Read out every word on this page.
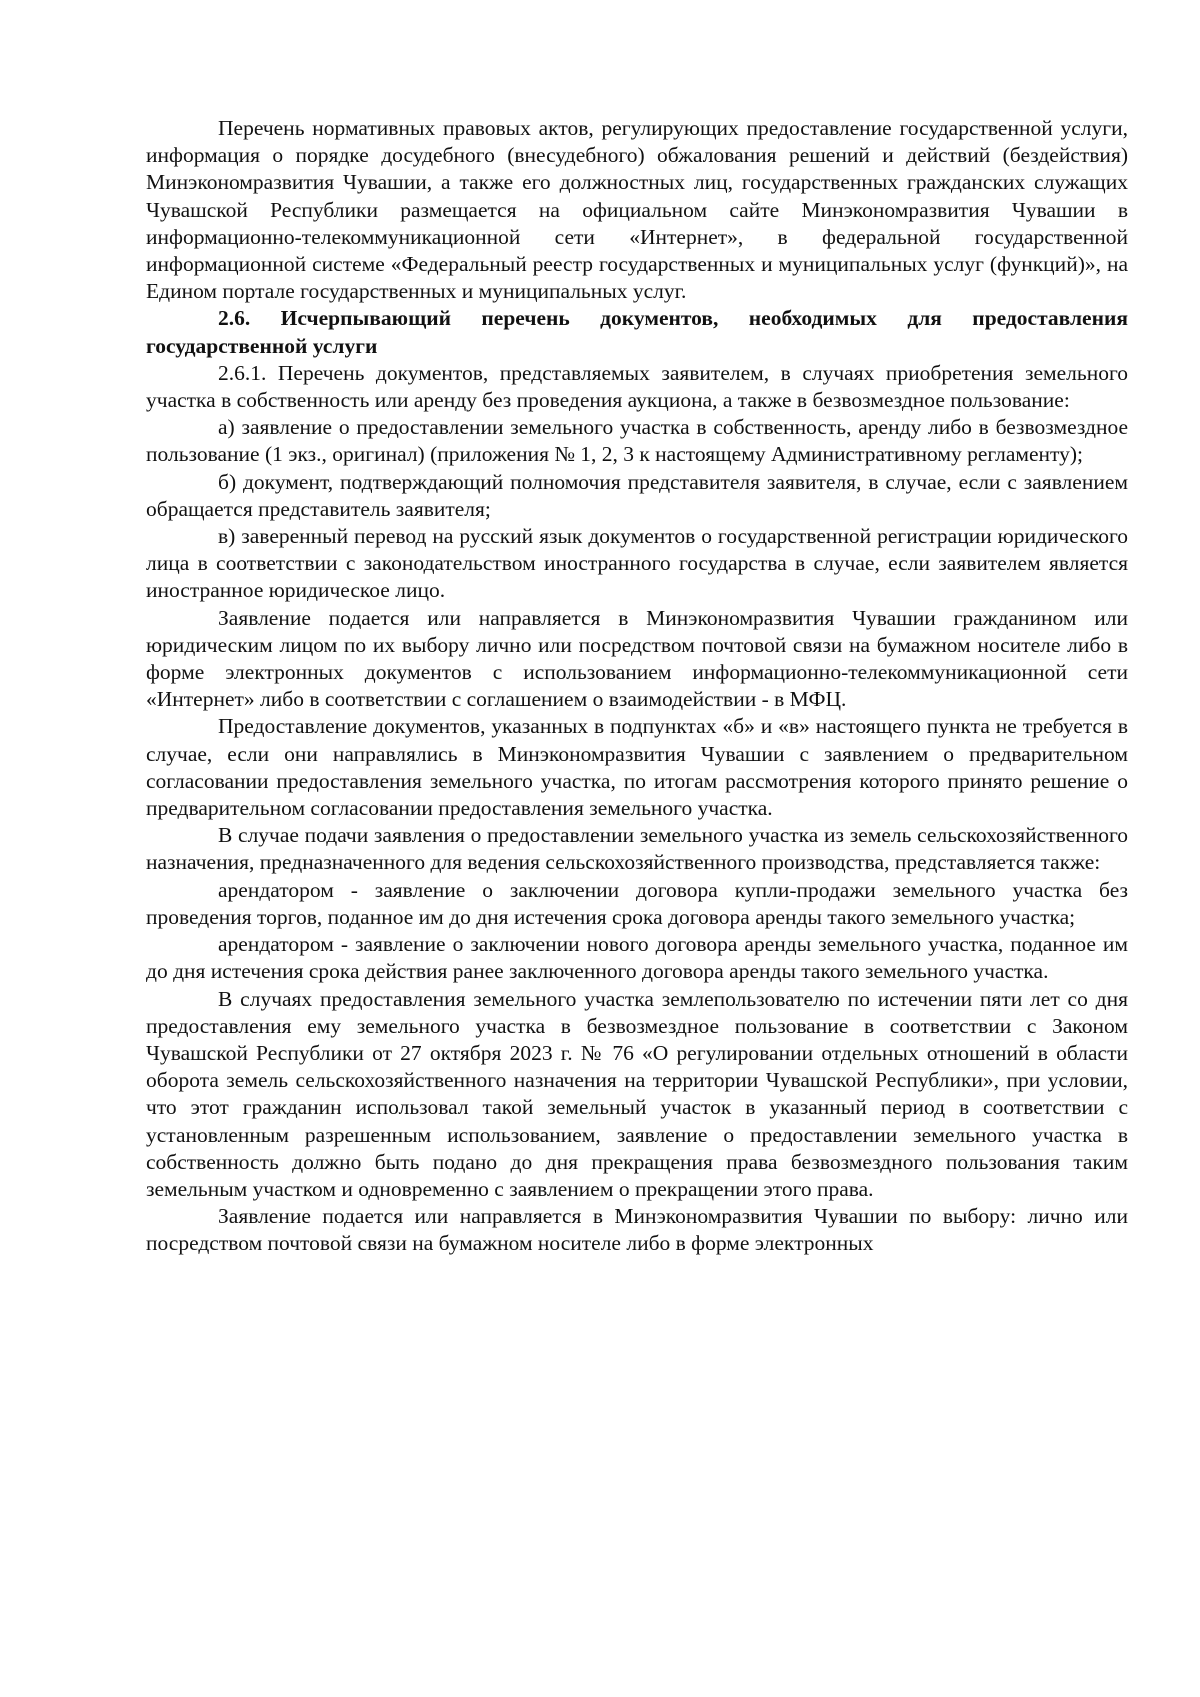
Перечень нормативных правовых актов, регулирующих предоставление государственной услуги, информация о порядке досудебного (внесудебного) обжалования решений и действий (бездействия) Минэкономразвития Чувашии, а также его должностных лиц, государственных гражданских служащих Чувашской Республики размещается на официальном сайте Минэкономразвития Чувашии в информационно-телекоммуникационной сети «Интернет», в федеральной государственной информационной системе «Федеральный реестр государственных и муниципальных услуг (функций)», на Едином портале государственных и муниципальных услуг.

2.6. Исчерпывающий перечень документов, необходимых для предоставления государственной услуги

2.6.1. Перечень документов, представляемых заявителем, в случаях приобретения земельного участка в собственность или аренду без проведения аукциона, а также в безвозмездное пользование:

а) заявление о предоставлении земельного участка в собственность, аренду либо в безвозмездное пользование (1 экз., оригинал) (приложения № 1, 2, 3 к настоящему Административному регламенту);

б) документ, подтверждающий полномочия представителя заявителя, в случае, если с заявлением обращается представитель заявителя;

в) заверенный перевод на русский язык документов о государственной регистрации юридического лица в соответствии с законодательством иностранного государства в случае, если заявителем является иностранное юридическое лицо.

Заявление подается или направляется в Минэкономразвития Чувашии гражданином или юридическим лицом по их выбору лично или посредством почтовой связи на бумажном носителе либо в форме электронных документов с использованием информационно-телекоммуникационной сети «Интернет» либо в соответствии с соглашением о взаимодействии - в МФЦ.

Предоставление документов, указанных в подпунктах «б» и «в» настоящего пункта не требуется в случае, если они направлялись в Минэкономразвития Чувашии с заявлением о предварительном согласовании предоставления земельного участка, по итогам рассмотрения которого принято решение о предварительном согласовании предоставления земельного участка.

В случае подачи заявления о предоставлении земельного участка из земель сельскохозяйственного назначения, предназначенного для ведения сельскохозяйственного производства, представляется также:

арендатором - заявление о заключении договора купли-продажи земельного участка без проведения торгов, поданное им до дня истечения срока договора аренды такого земельного участка;

арендатором - заявление о заключении нового договора аренды земельного участка, поданное им до дня истечения срока действия ранее заключенного договора аренды такого земельного участка.

В случаях предоставления земельного участка землепользователю по истечении пяти лет со дня предоставления ему земельного участка в безвозмездное пользование в соответствии с Законом Чувашской Республики от 27 октября 2023 г. № 76 «О регулировании отдельных отношений в области оборота земель сельскохозяйственного назначения на территории Чувашской Республики», при условии, что этот гражданин использовал такой земельный участок в указанный период в соответствии с установленным разрешенным использованием, заявление о предоставлении земельного участка в собственность должно быть подано до дня прекращения права безвозмездного пользования таким земельным участком и одновременно с заявлением о прекращении этого права.

Заявление подается или направляется в Минэкономразвития Чувашии по выбору: лично или посредством почтовой связи на бумажном носителе либо в форме электронных
